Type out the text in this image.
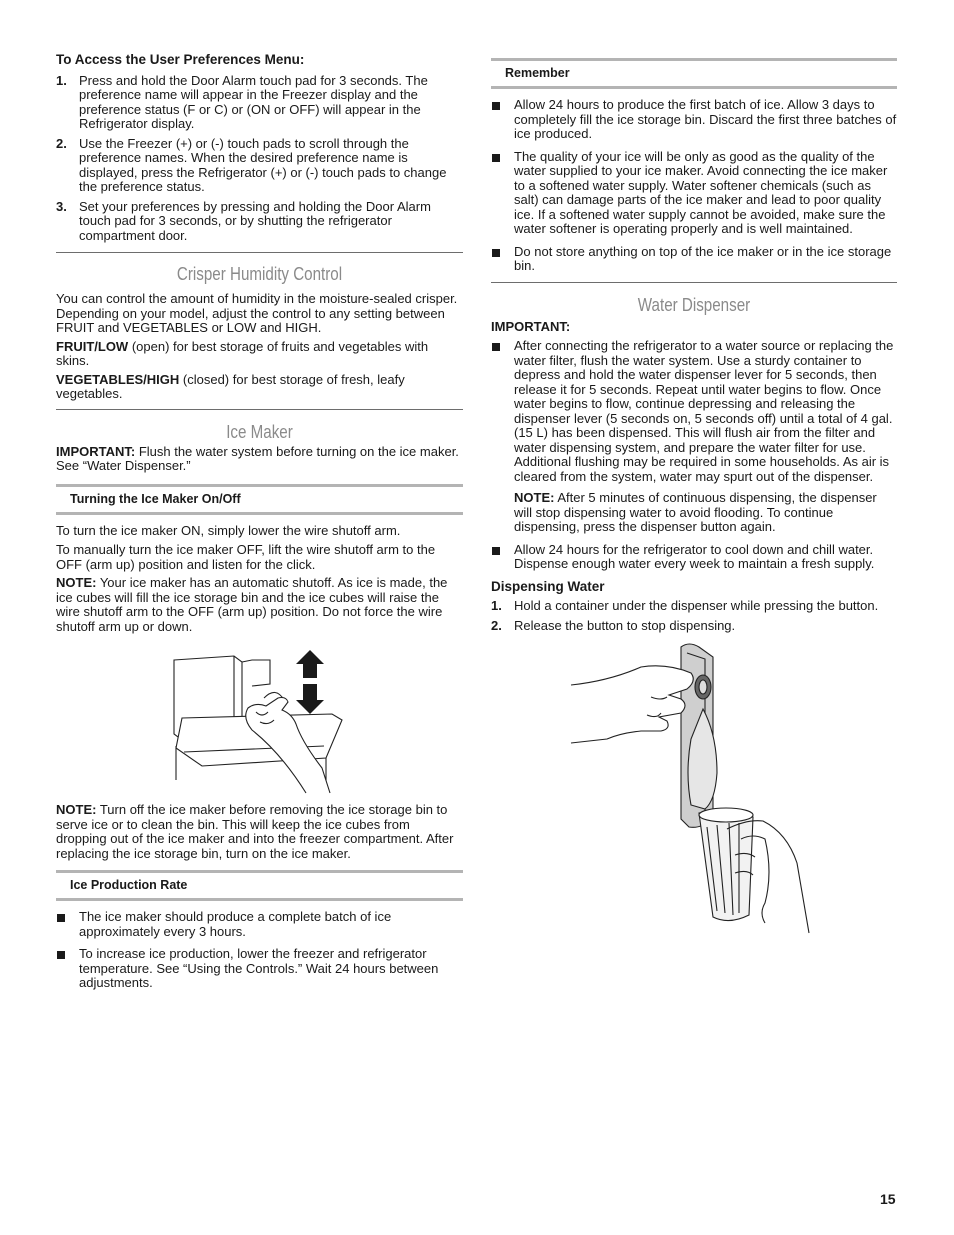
To Access the User Preferences Menu:

1. Press and hold the Door Alarm touch pad for 3 seconds. The preference name will appear in the Freezer display and the preference status (F or C) or (ON or OFF) will appear in the Refrigerator display.
2. Use the Freezer (+) or (-) touch pads to scroll through the preference names. When the desired preference name is displayed, press the Refrigerator (+) or (-) touch pads to change the preference status.
3. Set your preferences by pressing and holding the Door Alarm touch pad for 3 seconds, or by shutting the refrigerator compartment door.
Crisper Humidity Control

You can control the amount of humidity in the moisture-sealed crisper. Depending on your model, adjust the control to any setting between FRUIT and VEGETABLES or LOW and HIGH.

FRUIT/LOW (open) for best storage of fruits and vegetables with skins.

VEGETABLES/HIGH (closed) for best storage of fresh, leafy vegetables.

Ice Maker

IMPORTANT: Flush the water system before turning on the ice maker. See “Water Dispenser.”

Turning the Ice Maker On/Off

To turn the ice maker ON, simply lower the wire shutoff arm.

To manually turn the ice maker OFF, lift the wire shutoff arm to the OFF (arm up) position and listen for the click.

NOTE: Your ice maker has an automatic shutoff. As ice is made, the ice cubes will fill the ice storage bin and the ice cubes will raise the wire shutoff arm to the OFF (arm up) position. Do not force the wire shutoff arm up or down.

NOTE: Turn off the ice maker before removing the ice storage bin to serve ice or to clean the bin. This will keep the ice cubes from dropping out of the ice maker and into the freezer compartment. After replacing the ice storage bin, turn on the ice maker.

Ice Production Rate
The ice maker should produce a complete batch of ice approximately every 3 hours.
To increase ice production, lower the freezer and refrigerator temperature. See “Using the Controls.” Wait 24 hours between adjustments.
Remember
Allow 24 hours to produce the first batch of ice. Allow 3 days to completely fill the ice storage bin. Discard the first three batches of ice produced.
The quality of your ice will be only as good as the quality of the water supplied to your ice maker. Avoid connecting the ice maker to a softened water supply. Water softener chemicals (such as salt) can damage parts of the ice maker and lead to poor quality ice. If a softened water supply cannot be avoided, make sure the water softener is operating properly and is well maintained.
Do not store anything on top of the ice maker or in the ice storage bin.
Water Dispenser

IMPORTANT:

After connecting the refrigerator to a water source or replacing the water filter, flush the water system. Use a sturdy container to depress and hold the water dispenser lever for 5 seconds, then release it for 5 seconds. Repeat until water begins to flow. Once water begins to flow, continue depressing and releasing the dispenser lever (5 seconds on, 5 seconds off) until a total of 4 gal. (15 L) has been dispensed. This will flush air from the filter and water dispensing system, and prepare the water filter for use. Additional flushing may be required in some households. As air is cleared from the system, water may spurt out of the dispenser.

NOTE: After 5 minutes of continuous dispensing, the dispenser will stop dispensing water to avoid flooding. To continue dispensing, press the dispenser button again.

Allow 24 hours for the refrigerator to cool down and chill water. Dispense enough water every week to maintain a fresh supply.

Dispensing Water

1. Hold a container under the dispenser while pressing the button.
2. Release the button to stop dispensing.
15
